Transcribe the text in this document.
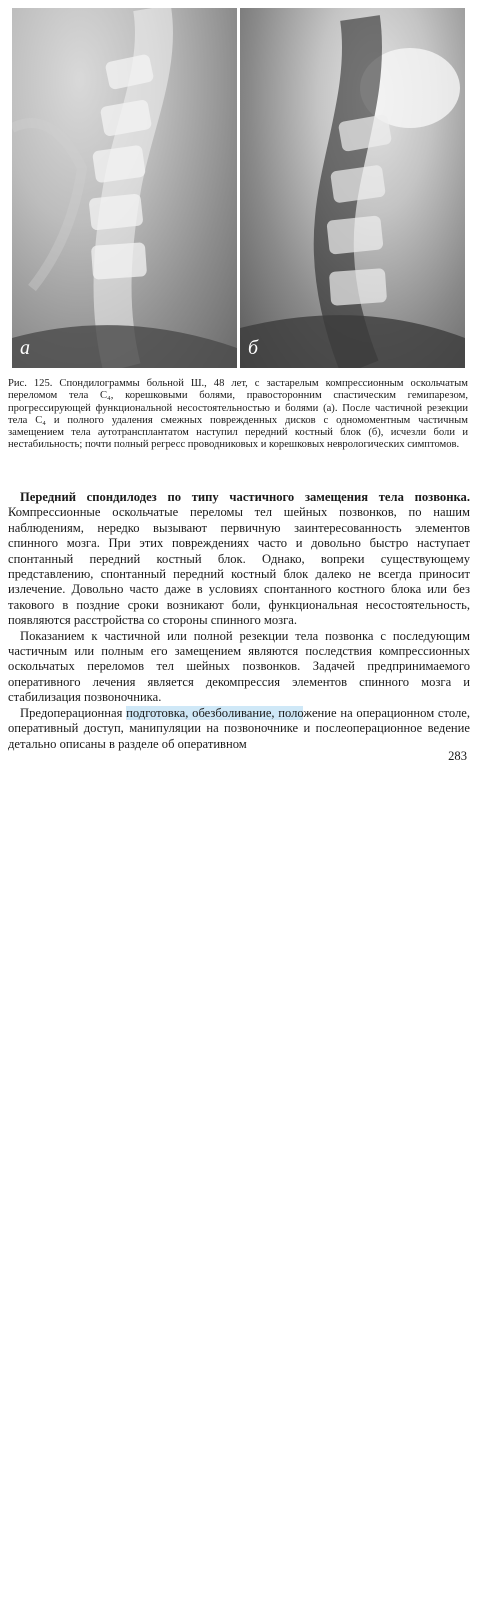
а	б

Рис. 125. Спондилограммы больной Ш., 48 лет, с застарелым компрессионным оскольчатым переломом тела C₄, корешковыми болями, правосторонним спастическим гемипарезом, прогрессирующей функциональной несостоятельностью и болями (а). После частичной резекции тела C₄ и полного удаления смежных поврежденных дисков с одномоментным частичным замещением тела аутотрансплантатом наступил передний костный блок (б), исчезли боли и нестабильность; почти полный регресс проводниковых и корешковых неврологических симптомов.

Передний спондилодез по типу частичного замещения тела позвонка. Компрессионные оскольчатые переломы тел шейных позвонков, по нашим наблюдениям, нередко вызывают первичную заинтересованность элементов спинного мозга. При этих повреждениях часто и довольно быстро наступает спонтанный передний костный блок. Однако, вопреки существующему представлению, спонтанный передний костный блок далеко не всегда приносит излечение. Довольно часто даже в условиях спонтанного костного блока или без такового в поздние сроки возникают боли, функциональная несостоятельность, появляются расстройства со стороны спинного мозга.

Показанием к частичной или полной резекции тела позвонка с последующим частичным или полным его замещением являются последствия компрессионных оскольчатых переломов тел шейных позвонков. Задачей предпринимаемого оперативного лечения является декомпрессия элементов спинного мозга и стабилизация позвоночника.

Предоперационная подготовка, обезболивание, положение на операционном столе, оперативный доступ, манипуляции на позвоночнике и послеоперационное ведение детально описаны в разделе об оперативном

283
